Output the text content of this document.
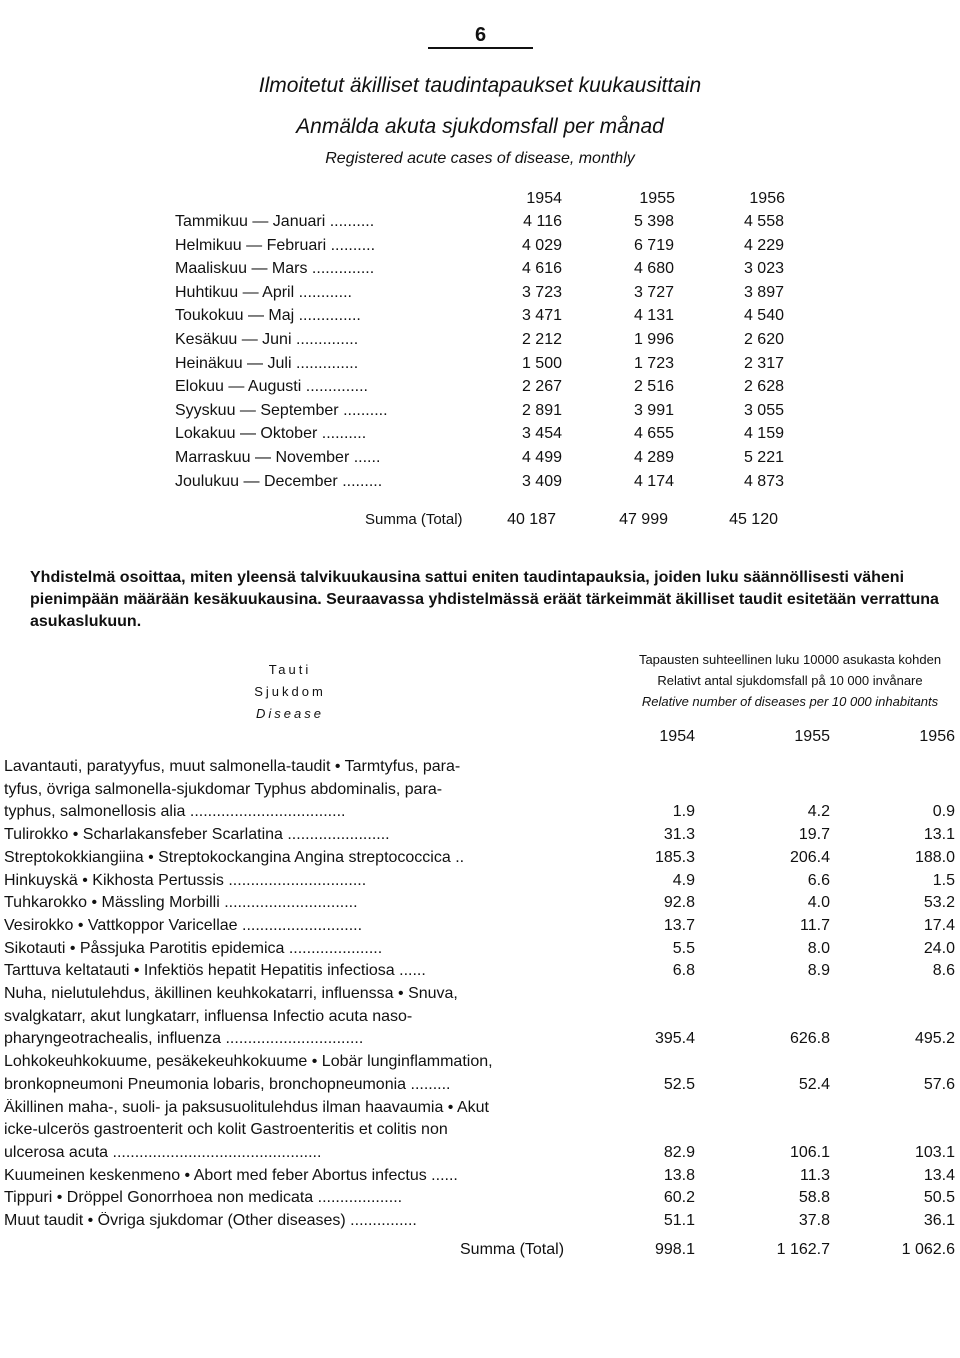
6
Ilmoitetut äkilliset taudintapaukset kuukausittain
Anmälda akuta sjukdomsfall per månad
Registered acute cases of disease, monthly
1954	1955	1956
Tammikuu — Januari ..........	4 116	5 398	4 558
Helmikuu — Februari ..........	4 029	6 719	4 229
Maaliskuu — Mars ..............	4 616	4 680	3 023
Huhtikuu — April ............	3 723	3 727	3 897
Toukokuu — Maj ..............	3 471	4 131	4 540
Kesäkuu — Juni ..............	2 212	1 996	2 620
Heinäkuu — Juli ..............	1 500	1 723	2 317
Elokuu — Augusti ..............	2 267	2 516	2 628
Syyskuu — September ..........	2 891	3 991	3 055
Lokakuu — Oktober ..........	3 454	4 655	4 159
Marraskuu — November ......	4 499	4 289	5 221
Joulukuu — December .........	3 409	4 174	4 873
Summa (Total)	40 187	47 999	45 120
Yhdistelmä osoittaa, miten yleensä talvikuukausina sattui eniten taudintapauksia, joiden luku säännöllisesti väheni pienimpään määrään kesäkuukausina. Seuraavassa yhdistelmässä eräät tärkeimmät äkilliset taudit esitetään verrattuna asukaslukuun.
Tauti
Sjukdom
Disease
Tapausten suhteellinen luku 10000 asukasta kohden
Relativt antal sjukdomsfall på 10 000 invånare
Relative number of diseases per 10 000 inhabitants
1954	1955	1956
Lavantauti, paratyyfus, muut salmonella-taudit • Tarmtyfus, para-
tyfus, övriga salmonella-sjukdomar Typhus abdominalis, para-
typhus, salmonellosis alia ...................................	1.9	4.2	0.9
Tulirokko • Scharlakansfeber Scarlatina .......................	31.3	19.7	13.1
Streptokokkiangiina • Streptokockangina Angina streptococcica ..	185.3	206.4	188.0
Hinkuyskä • Kikhosta Pertussis ...............................	4.9	6.6	1.5
Tuhkarokko • Mässling Morbilli ..............................	92.8	4.0	53.2
Vesirokko • Vattkoppor Varicellae ...........................	13.7	11.7	17.4
Sikotauti • Påssjuka Parotitis epidemica .....................	5.5	8.0	24.0
Tarttuva keltatauti • Infektiös hepatit Hepatitis infectiosa ......	6.8	8.9	8.6
Nuha, nielutulehdus, äkillinen keuhkokatarri, influenssa • Snuva,
svalgkatarr, akut lungkatarr, influensa Infectio acuta naso-
pharyngeotrachealis, influenza ...............................	395.4	626.8	495.2
Lohkokeuhkokuume, pesäkekeuhkokuume • Lobär lunginflammation,
bronkopneumoni Pneumonia lobaris, bronchopneumonia .........	52.5	52.4	57.6
Äkillinen maha-, suoli- ja paksusuolitulehdus ilman haavaumia • Akut
icke-ulcerös gastroenterit och kolit Gastroenteritis et colitis non
ulcerosa acuta ...............................................	82.9	106.1	103.1
Kuumeinen keskenmeno • Abort med feber Abortus infectus ......	13.8	11.3	13.4
Tippuri • Dröppel Gonorrhoea non medicata ...................	60.2	58.8	50.5
Muut taudit • Övriga sjukdomar (Other diseases) ...............	51.1	37.8	36.1
Summa (Total)	998.1	1 162.7	1 062.6
